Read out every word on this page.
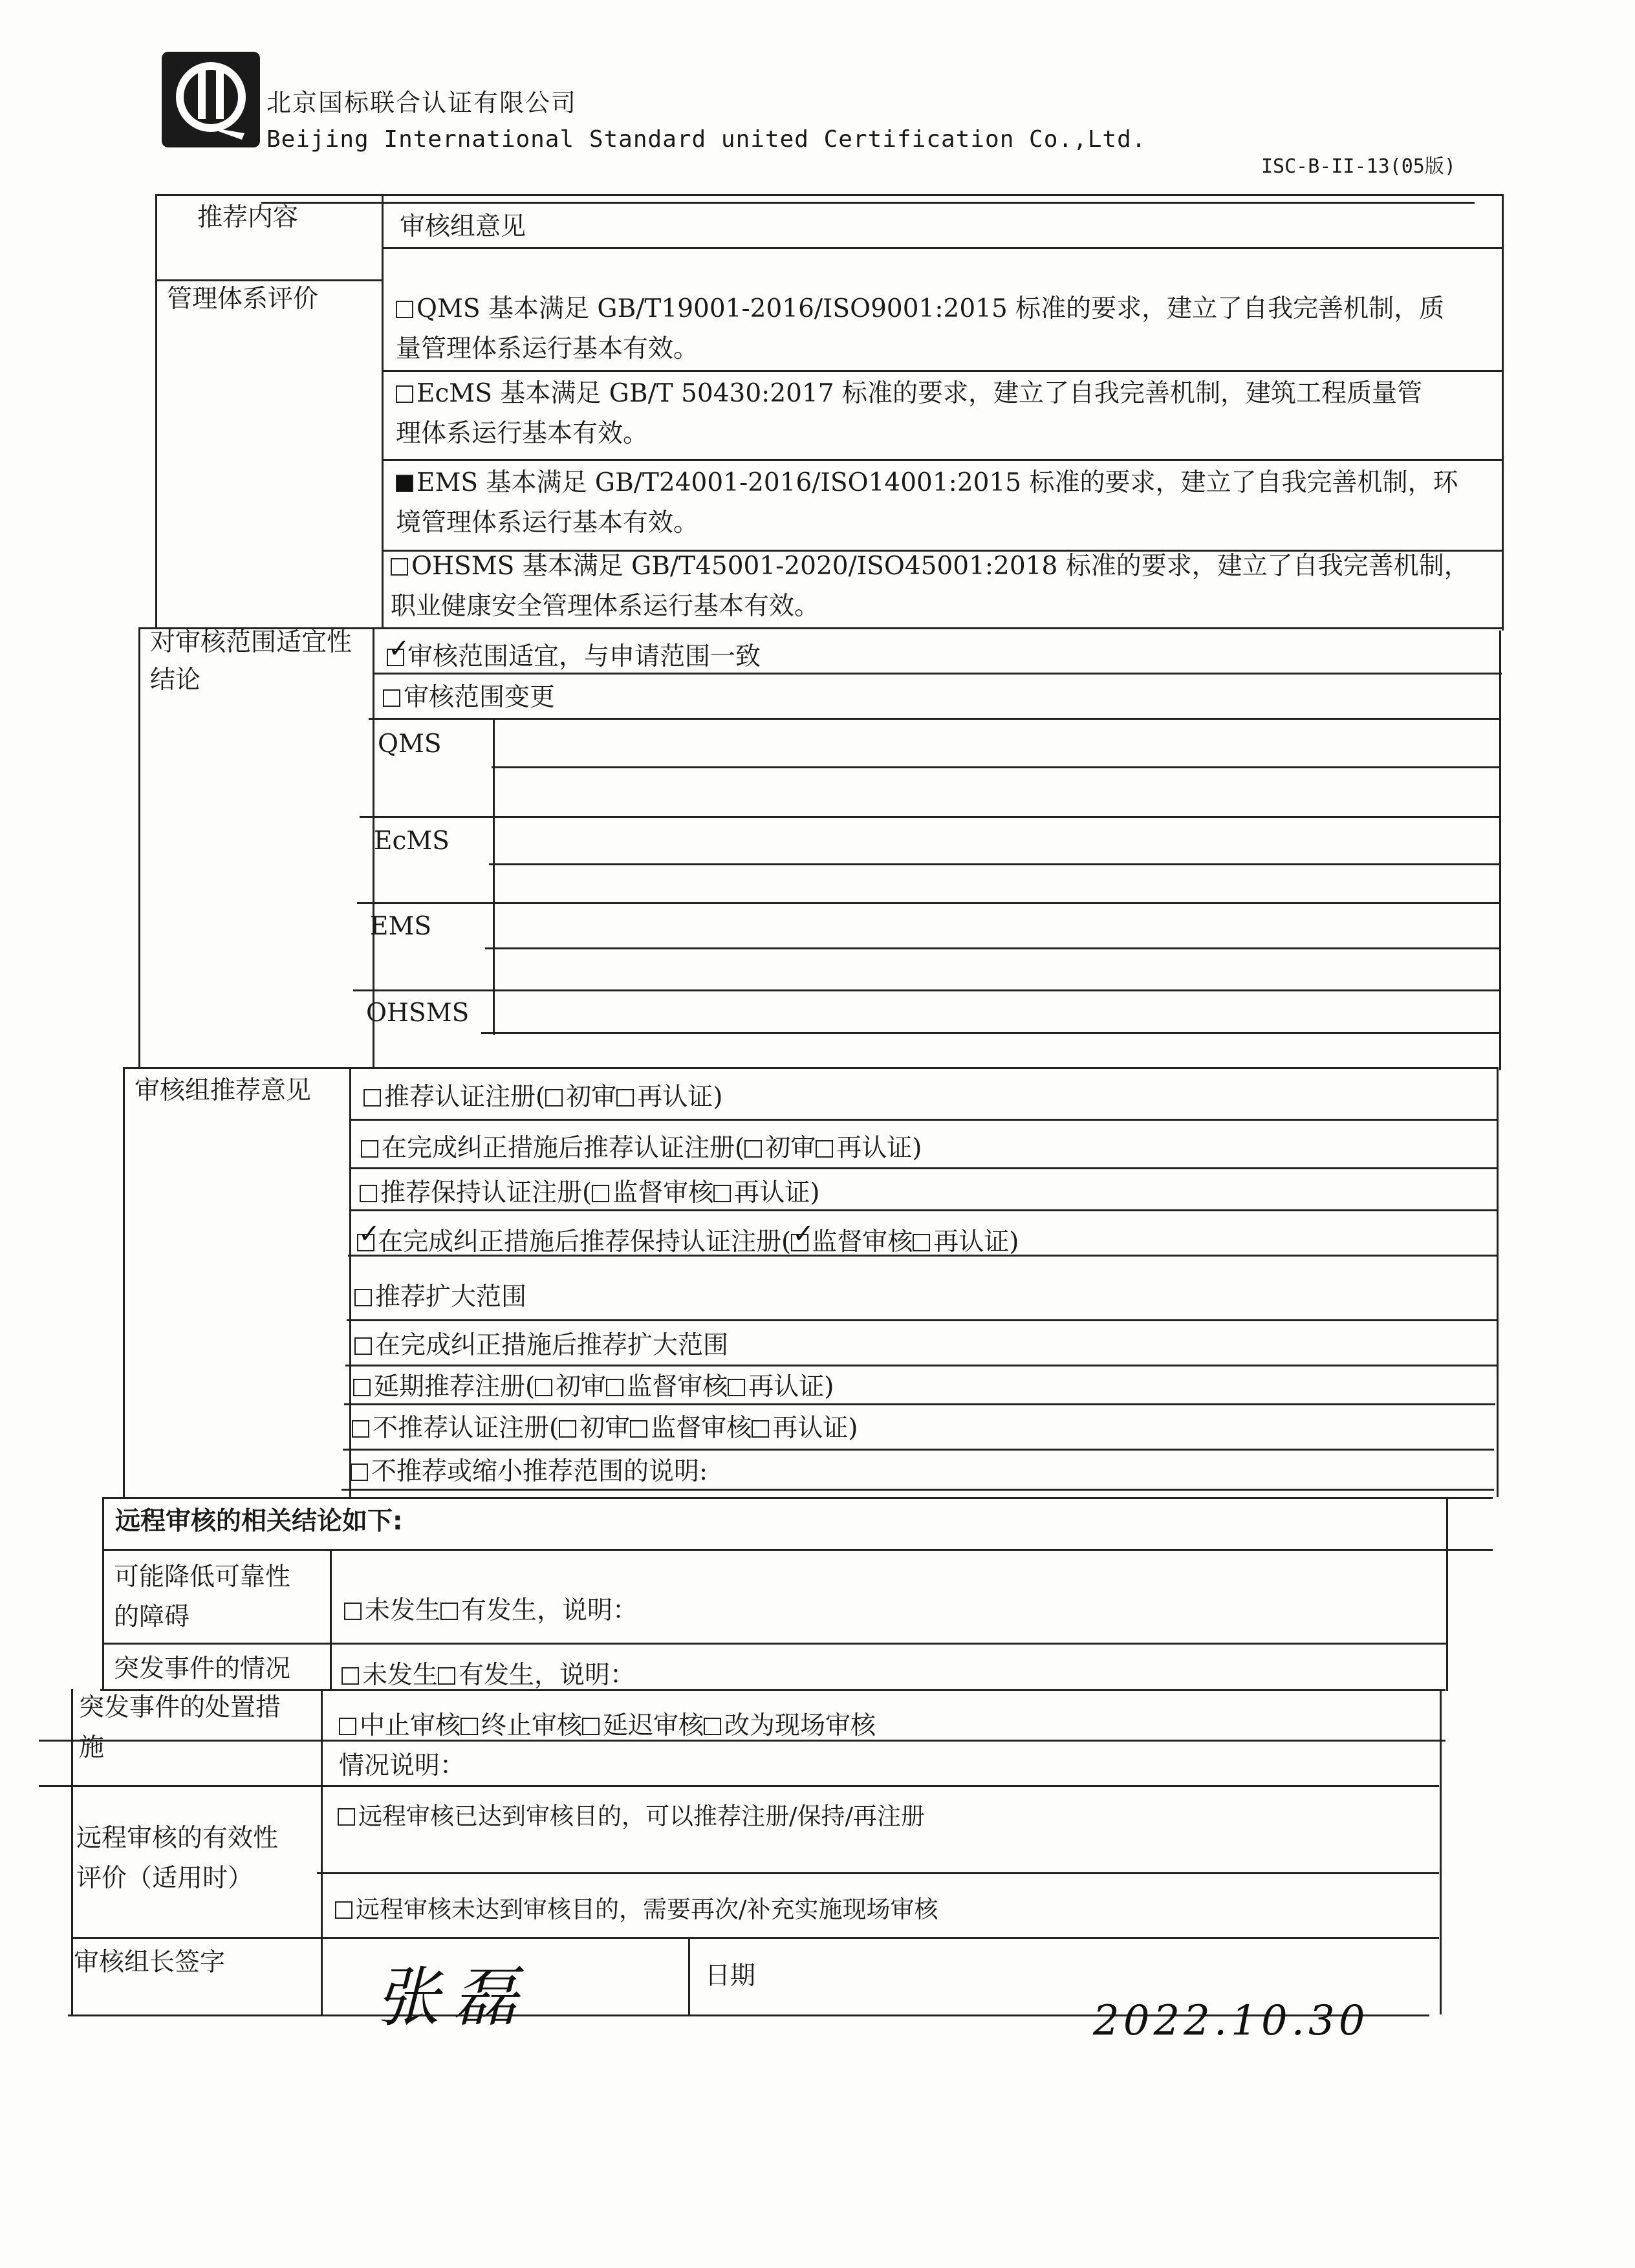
北京国标联合认证有限公司
Beijing International Standard united Certification Co.,Ltd.
ISC-B-II-13(05版)
推荐内容	审核组意见
管理体系评价	QMS 基本满足 GB/T19001-2016/ISO9001:2015 标准的要求，建立了自我完善机制，质
量管理体系运行基本有效。
EcMS 基本满足 GB/T 50430:2017 标准的要求，建立了自我完善机制，建筑工程质量管
理体系运行基本有效。
EMS 基本满足 GB/T24001-2016/ISO14001:2015 标准的要求，建立了自我完善机制，环
境管理体系运行基本有效。
OHSMS 基本满足 GB/T45001-2020/ISO45001:2018 标准的要求，建立了自我完善机制，
职业健康安全管理体系运行基本有效。
对审核范围适宜性结论
✓审核范围适宜，与申请范围一致
审核范围变更
QMS
EcMS
EMS
OHSMS
审核组推荐意见	推荐认证注册( 初审 再认证)
在完成纠正措施后推荐认证注册( 初审 再认证)
推荐保持认证注册( 监督审核 再认证)
✓在完成纠正措施后推荐保持认证注册(✓ 监督审核 再认证)
推荐扩大范围
在完成纠正措施后推荐扩大范围
延期推荐注册( 初审 监督审核 再认证)
不推荐认证注册( 初审 监督审核 再认证)
不推荐或缩小推荐范围的说明:
远程审核的相关结论如下:
可能降低可靠性
的障碍	未发生 有发生，说明：
突发事件的情况	未发生 有发生，说明：
突发事件的处置措
施
中止审核 终止审核 延迟审核 改为现场审核
情况说明：
远程审核的有效性
评价（适用时）
远程审核已达到审核目的，可以推荐注册/保持/再注册
远程审核未达到审核目的，需要再次/补充实施现场审核
审核组长签字 张磊	日期
2022.10.30
